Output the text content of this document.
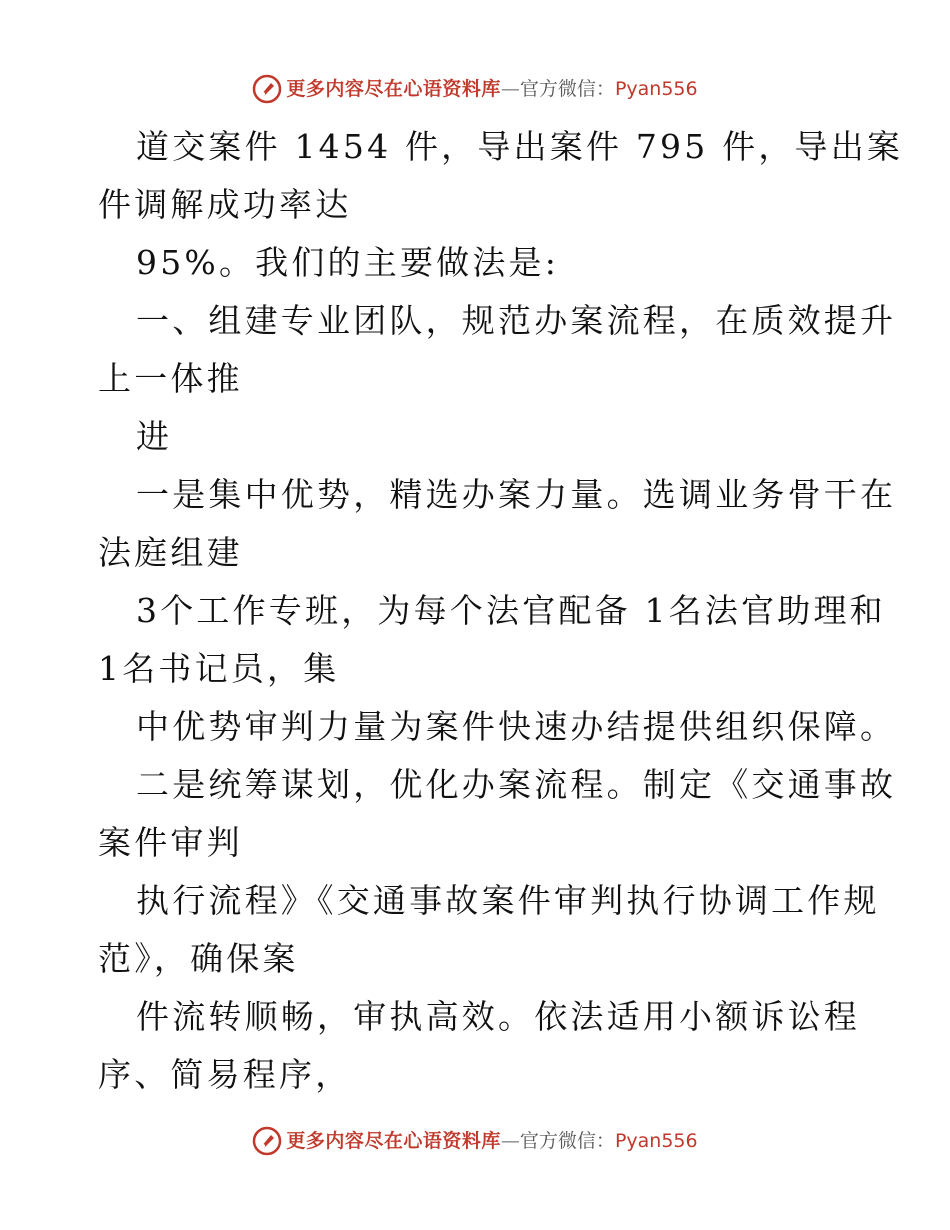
更多内容尽在心语资料库 — 官方微信： Pyan556

道交案件 1454 件，导出案件 795 件，导出案

件调解成功率达

95%。我们的主要做法是:

一、组建专业团队，规范办案流程，在质效提升

上一体推

进

一是集中优势，精选办案力量。选调业务骨干在

法庭组建

3个工作专班，为每个法官配备 1名法官助理和

1名书记员，集

中优势审判力量为案件快速办结提供组织保障。

二是统筹谋划，优化办案流程。制定《交通事故

案件审判

执行流程》《交通事故案件审判执行协调工作规

范》，确保案

件流转顺畅，审执高效。依法适用小额诉讼程

序、简易程序，

更多内容尽在心语资料库 — 官方微信： Pyan556
